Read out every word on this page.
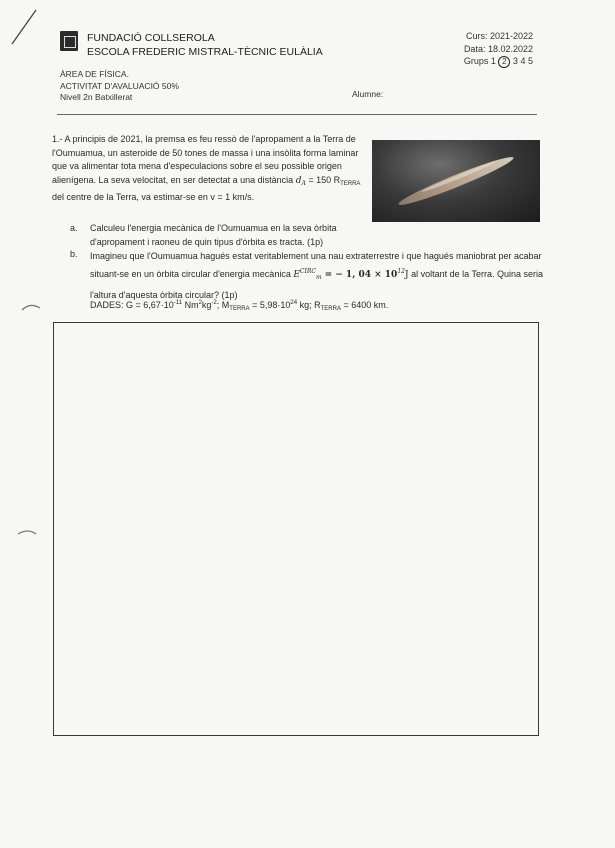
FUNDACIÓ COLLSEROLA
ESCOLA FREDERIC MISTRAL-TÈCNIC EULÀLIA
Curs: 2021-2022
Data: 18.02.2022
Grups 1 2 3 4 5
ÀREA DE FÍSICA.
ACTIVITAT D'AVALUACIÓ 50%
Nivell 2n Batxillerat	Alumne:
1.- A principis de 2021, la premsa es feu ressò de l'apropament a la Terra de l'Oumuamua, un asteroide de 50 tones de massa i una insòlita forma laminar que va alimentar tota mena d'especulacions sobre el seu possible origen alienígena. La seva velocitat, en ser detectat a una distància $d_A = 150$ $R_{TERRA}$ del centre de la Terra, va estimar-se en v = 1 km/s.
a. Calculeu l'energia mecànica de l'Oumuamua en la seva òrbita d'apropament i raoneu de quin tipus d'òrbita es tracta. (1p)
b. Imagineu que l'Oumuamua hagués estat veritablement una nau extraterrestre i que hagués maniobrat per acabar situant-se en un òrbita circular d'energia mecànica $E^{CIRC}_m$ = − 1, $04 \times 10^{12}J$ al voltant de la Terra. Quina seria l'altura d'aquesta òrbita circular? (1p)
DADES: $G = 6,67\cdot 10^{-11}$ $Nm^2kg^{-2}$; $M_{TERRA} = 5,98\cdot 10^{24}$ kg; $R_{TERRA} = 6400$ km.
